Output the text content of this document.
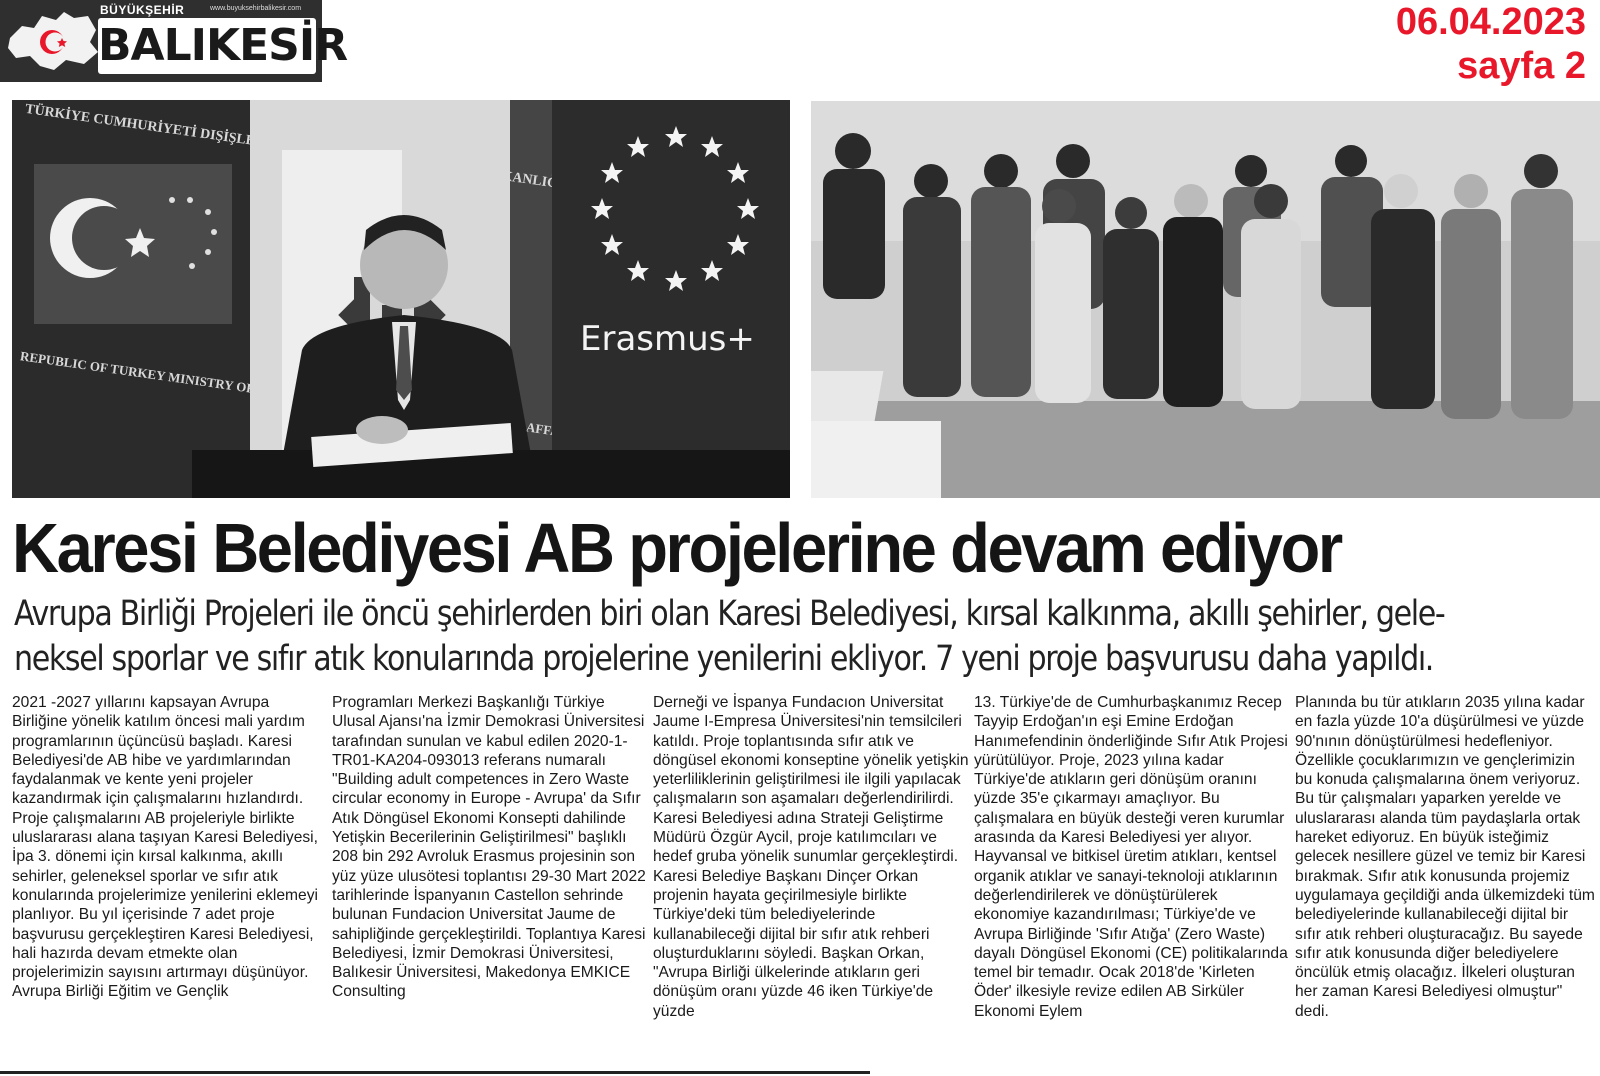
BÜYÜKŞEHİR	www.buyuksehirbalikesir.com
BALIKESİR	06.04.2023
sayfa 2
TÜRKİYE CUMHURİYETİ DIŞİŞLERİ BAŞKANLIĞI
REPUBLIC OF TURKEY MINISTRY OF
Erasmus+
Karesi Belediyesi AB projelerine devam ediyor
Avrupa Birliği Projeleri ile öncü şehirlerden biri olan Karesi Belediyesi, kırsal kalkınma, akıllı şehirler, gele-
neksel sporlar ve sıfır atık konularında projelerine yenilerini ekliyor. 7 yeni proje başvurusu daha yapıldı.

2021 -2027 yıllarını kapsayan Avrupa Birliğine yönelik katılım öncesi mali yardım programlarının üçüncüsü başladı. Karesi Belediyesi'de AB hibe ve yardımlarından faydalanmak ve kente yeni projeler kazandırmak için çalışmalarını hızlandırdı. Proje çalışmalarını AB projeleriyle birlikte uluslararası alana taşıyan Karesi Belediyesi, İpa 3. dönemi için kırsal kalkınma, akıllı sehirler, geleneksel sporlar ve sıfır atık konularında projelerimize yenilerini eklemeyi planlıyor. Bu yıl içerisinde 7 adet proje başvurusu gerçekleştiren Karesi Belediyesi, hali hazırda devam etmekte olan projelerimizin sayısını artırmayı düşünüyor.

Avrupa Birliği Eğitim ve Gençlik

Programları Merkezi Başkanlığı Türkiye Ulusal Ajansı'na İzmir Demokrasi Üniversitesi tarafından sunulan ve kabul edilen 2020-1-TR01-KA204-093013 referans numaralı "Building adult competences in Zero Waste circular economy in Europe - Avrupa' da Sıfır Atık Döngüsel Ekonomi Konsepti dahilinde Yetişkin Becerilerinin Geliştirilmesi" başlıklı 208 bin 292 Avroluk Erasmus projesinin son yüz yüze ulusötesi toplantısı 29-30 Mart 2022 tarihlerinde İspanyanın Castellon sehrinde bulunan Fundacion Universitat Jaume de sahipliğinde gerçekleştirildi. Toplantıya Karesi Belediyesi, İzmir Demokrasi Üniversitesi, Balıkesir Üniversitesi, Makedonya EMKICE Consulting

Derneği ve İspanya Fundacıon Universitat Jaume I-Empresa Üniversitesi'nin temsilcileri katıldı. Proje toplantısında sıfır atık ve döngüsel ekonomi konseptine yönelik yetişkin yeterliliklerinin geliştirilmesi ile ilgili yapılacak çalışmaların son aşamaları değerlendirilirdi. Karesi Belediyesi adına Strateji Geliştirme Müdürü Özgür Aycil, proje katılımcıları ve hedef gruba yönelik sunumlar gerçekleştirdi. Karesi Belediye Başkanı Dinçer Orkan projenin hayata geçirilmesiyle birlikte Türkiye'deki tüm belediyelerinde kullanabileceği dijital bir sıfır atık rehberi oluşturduklarını söyledi. Başkan Orkan, "Avrupa Birliği ülkelerinde atıkların geri dönüşüm oranı yüzde 46 iken Türkiye'de yüzde

13. Türkiye'de de Cumhurbaşkanımız Recep Tayyip Erdoğan'ın eşi Emine Erdoğan Hanımefendinin önderliğinde Sıfır Atık Projesi yürütülüyor. Proje, 2023 yılına kadar Türkiye'de atıkların geri dönüşüm oranını yüzde 35'e çıkarmayı amaçlıyor. Bu çalışmalara en büyük desteği veren kurumlar arasında da Karesi Belediyesi yer alıyor. Hayvansal ve bitkisel üretim atıkları, kentsel organik atıklar ve sanayi-teknoloji atıklarının değerlendirilerek ve dönüştürülerek ekonomiye kazandırılması; Türkiye'de ve Avrupa Birliğinde 'Sıfır Atığa' (Zero Waste) dayalı Döngüsel Ekonomi (CE) politikalarında temel bir temadır. Ocak 2018'de 'Kirleten Öder' ilkesiyle revize edilen AB Sirküler Ekonomi Eylem

Planında bu tür atıkların 2035 yılına kadar en fazla yüzde 10'a düşürülmesi ve yüzde 90'nının dönüştürülmesi hedefleniyor. Özellikle çocuklarımızın ve gençlerimizin bu konuda çalışmalarına önem veriyoruz. Bu tür çalışmaları yaparken yerelde ve uluslararası alanda tüm paydaşlarla ortak hareket ediyoruz. En büyük isteğimiz gelecek nesillere güzel ve temiz bir Karesi bırakmak. Sıfır atık konusunda projemiz uygulamaya geçildiği anda ülkemizdeki tüm belediyelerinde kullanabileceği dijital bir sıfır atık rehberi oluşturacağız. Bu sayede sıfır atık konusunda diğer belediyelere öncülük etmiş olacağız. İlkeleri oluşturan her zaman Karesi Belediyesi olmuştur" dedi.
